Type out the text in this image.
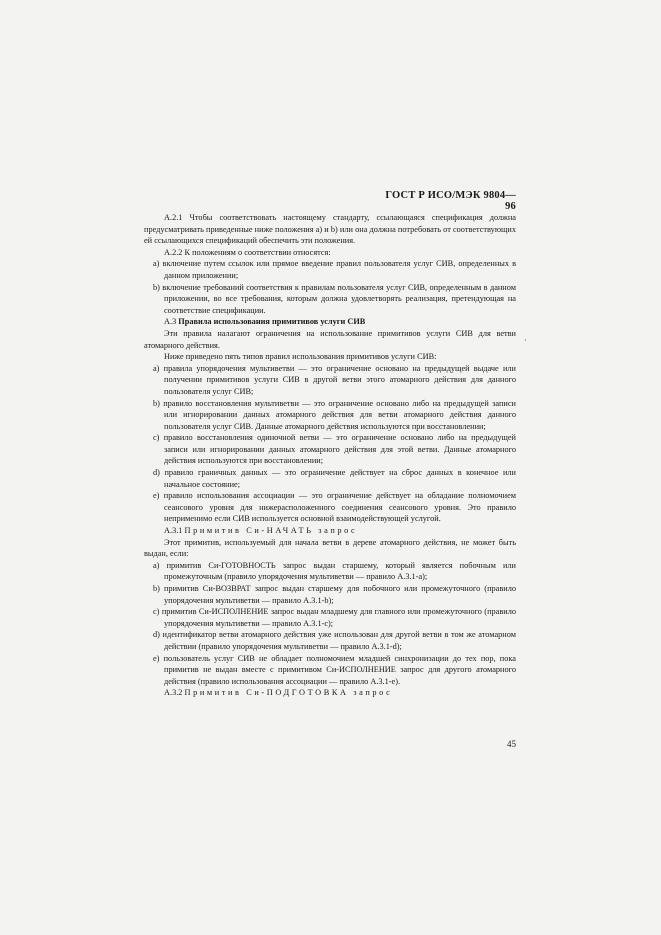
ГОСТ Р ИСО/МЭК 9804—96
·

А.2.1 Чтобы соответствовать настоящему стандарту, ссылающаяся спецификация должна предусматривать приведенные ниже положения а) и b) или она должна потребовать от соответствующих ей ссылающихся спецификаций обеспечить эти положения.

А.2.2 К положениям о соответствии относятся:

а) включение путем ссылок или прямое введение правил пользователя услуг СИВ, определенных в данном приложении;

b) включение требований соответствия к правилам пользователя услуг СИВ, определенным в данном приложении, во все требования, которым должна удовлетворять реализация, претендующая на соответствие спецификации.

А.3 Правила использования примитивов услуги СИВ

Эти правила налагают ограничения на использование примитивов услуги СИВ для ветви атомарного действия.

Ниже приведено пять типов правил использования примитивов услуги СИВ:

а) правила упорядочения мультиветви — это ограничение основано на предыдущей выдаче или получении примитивов услуги СИВ в другой ветви этого атомарного действия для данного пользователя услуг СИВ;

b) правило восстановления мультиветви — это ограничение основано либо на предыдущей записи или игнорировании данных атомарного действия для ветви атомарного действия данного пользователя услуг СИВ. Данные атомарного действия используются при восстановлении;

с) правило восстановления одиночной ветви — это ограничение основано либо на предыдущей записи или игнорировании данных атомарного действия для этой ветви. Данные атомарного действия используются при восстановлении;

d) правило граничных данных — это ограничение действует на сброс данных в конечное или начальное состояние;

е) правило использования ассоциации — это ограничение действует на обладание полномочием сеансового уровня для нижерасположенного соединения сеансового уровня. Это правило неприменимо если СИВ используется основной взаимодействующей услугой.

А.3.1 Примитив Си-НАЧАТЬ запрос

Этот примитив, используемый для начала ветви в дереве атомарного действия, не может быть выдан, если:

а) примитив Си-ГОТОВНОСТЬ запрос выдан старшему, который является побочным или промежуточным (правило упорядочения мультиветви — правило А.3.1-а);

b) примитив Си-ВОЗВРАТ запрос выдан старшему для побочного или промежуточного (правило упорядочения мультиветви — правило А.3.1-b);

с) примитив Си-ИСПОЛНЕНИЕ запрос выдан младшему для главного или промежуточного (правило упорядочения мультиветви — правило А.3.1-с);

d) идентификатор ветви атомарного действия уже использован для другой ветви в том же атомарном действии (правило упорядочения мультиветви — правило А.3.1-d);

е) пользователь услуг СИВ не обладает полномочием младшей синхронизации до тех пор, пока примитив не выдан вместе с примитивом Си-ИСПОЛНЕНИЕ запрос для другого атомарного действия (правило использования ассоциации — правило А.3.1-е).

А.3.2 Примитив Си-ПОДГОТОВКА запрос

45
